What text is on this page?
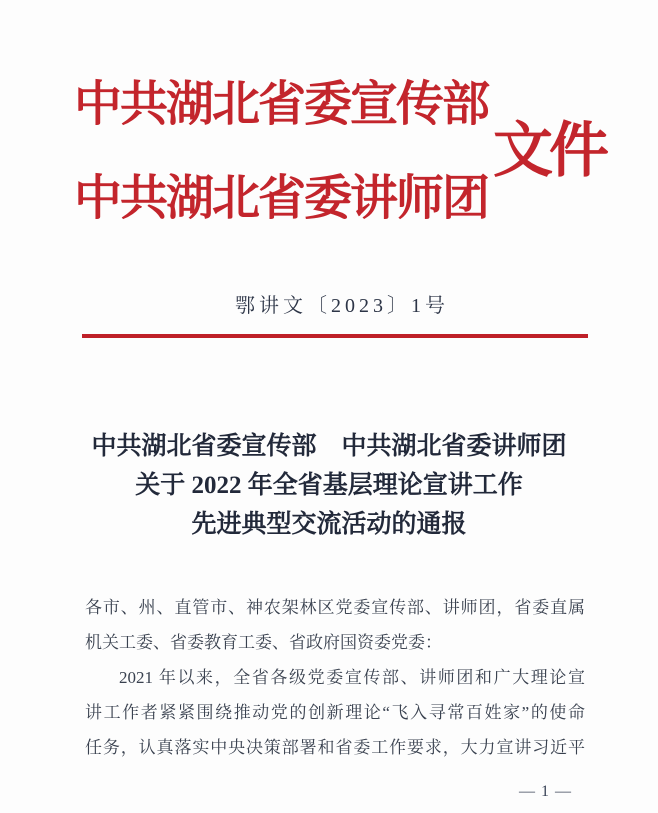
中共湖北省委宣传部
中共湖北省委讲师团
文件
鄂讲文〔2023〕1号
中共湖北省委宣传部　中共湖北省委讲师团
关于 2022 年全省基层理论宣讲工作
先进典型交流活动的通报
各市、州、直管市、神农架林区党委宣传部、讲师团，省委直属
机关工委、省委教育工委、省政府国资委党委：
2021 年以来，全省各级党委宣传部、讲师团和广大理论宣
讲工作者紧紧围绕推动党的创新理论“飞入寻常百姓家”的使命
任务，认真落实中央决策部署和省委工作要求，大力宣讲习近平
— 1 —
